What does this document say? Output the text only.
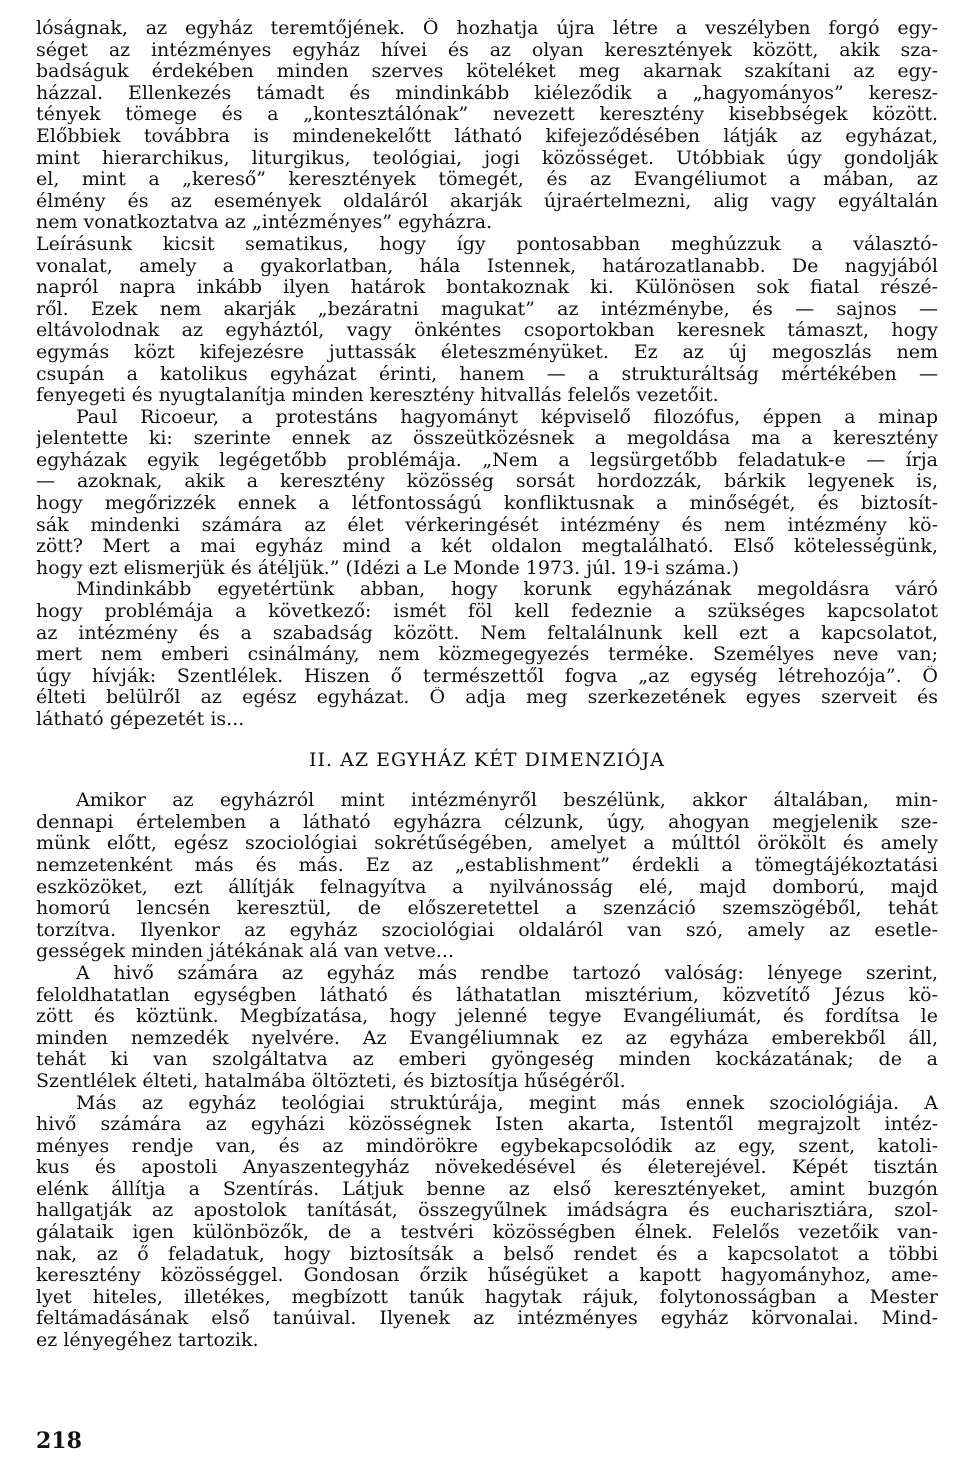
lóságnak, az egyház teremtőjének. Ő hozhatja újra létre a veszélyben forgó egy-
séget az intézményes egyház hívei és az olyan keresztények között, akik sza-
badságuk érdekében minden szerves köteléket meg akarnak szakítani az egy-
házzal. Ellenkezés támadt és mindinkább kiéleződik a „hagyományos” keresz-
tények tömege és a „kontesztálónak” nevezett keresztény kisebbségek között.
Előbbiek továbbra is mindenekelőtt látható kifejeződésében látják az egyházat,
mint hierarchikus, liturgikus, teológiai, jogi közösséget. Utóbbiak úgy gondolják
el, mint a „kereső” keresztények tömegét, és az Evangéliumot a mában, az
élmény és az események oldaláról akarják újraértelmezni, alig vagy egyáltalán
nem vonatkoztatva az „intézményes” egyházra.
Leírásunk kicsit sematikus, hogy így pontosabban meghúzzuk a választó-
vonalat, amely a gyakorlatban, hála Istennek, határozatlanabb. De nagyjából
napról napra inkább ilyen határok bontakoznak ki. Különösen sok fiatal részé-
ről. Ezek nem akarják „bezáratni magukat” az intézménybe, és — sajnos —
eltávolodnak az egyháztól, vagy önkéntes csoportokban keresnek támaszt, hogy
egymás közt kifejezésre juttassák életeszményüket. Ez az új megoszlás nem
csupán a katolikus egyházat érinti, hanem — a strukturáltság mértékében —
fenyegeti és nyugtalanítja minden keresztény hitvallás felelős vezetőit.
Paul Ricoeur, a protestáns hagyományt képviselő filozófus, éppen a minap
jelentette ki: szerinte ennek az összeütközésnek a megoldása ma a keresztény
egyházak egyik legégetőbb problémája. „Nem a legsürgetőbb feladatuk-e — írja
— azoknak, akik a keresztény közösség sorsát hordozzák, bárkik legyenek is,
hogy megőrizzék ennek a létfontosságú konfliktusnak a minőségét, és biztosít-
sák mindenki számára az élet vérkeringését intézmény és nem intézmény kö-
zött? Mert a mai egyház mind a két oldalon megtalálható. Első kötelességünk,
hogy ezt elismerjük és átéljük.” (Idézi a Le Monde 1973. júl. 19-i száma.)
Mindinkább egyetértünk abban, hogy korunk egyházának megoldásra váró
hogy problémája a következő: ismét föl kell fedeznie a szükséges kapcsolatot
az intézmény és a szabadság között. Nem feltalálnunk kell ezt a kapcsolatot,
mert nem emberi csinálmány, nem közmegegyezés terméke. Személyes neve van;
úgy hívják: Szentlélek. Hiszen ő természettől fogva „az egység létrehozója”. Ő
élteti belülről az egész egyházat. Ő adja meg szerkezetének egyes szerveit és
látható gépezetét is...
II. AZ EGYHÁZ KÉT DIMENZIÓJA
Amikor az egyházról mint intézményről beszélünk, akkor általában, min-
dennapi értelemben a látható egyházra célzunk, úgy, ahogyan megjelenik sze-
münk előtt, egész szociológiai sokrétűségében, amelyet a múlttól örökölt és amely
nemzetenként más és más. Ez az „establishment” érdekli a tömegtájékoztatási
eszközöket, ezt állítják felnagyítva a nyilvánosság elé, majd domború, majd
homorú lencsén keresztül, de előszeretettel a szenzáció szemszögéből, tehát
torzítva. Ilyenkor az egyház szociológiai oldaláról van szó, amely az esetle-
gességek minden játékának alá van vetve...
A hivő számára az egyház más rendbe tartozó valóság: lényege szerint,
feloldhatatlan egységben látható és láthatatlan misztérium, közvetítő Jézus kö-
zött és köztünk. Megbízatása, hogy jelenné tegye Evangéliumát, és fordítsa le
minden nemzedék nyelvére. Az Evangéliumnak ez az egyháza emberekből áll,
tehát ki van szolgáltatva az emberi gyöngeség minden kockázatának; de a
Szentlélek élteti, hatalmába öltözteti, és biztosítja hűségéről.
Más az egyház teológiai struktúrája, megint más ennek szociológiája. A
hivő számára az egyházi közösségnek Isten akarta, Istentől megrajzolt intéz-
ményes rendje van, és az mindörökre egybekapcsolódik az egy, szent, katoli-
kus és apostoli Anyaszentegyház növekedésével és életerejével. Képét tisztán
elénk állítja a Szentírás. Látjuk benne az első keresztényeket, amint buzgón
hallgatják az apostolok tanítását, összegyűlnek imádságra és eucharisztiára, szol-
gálataik igen különbözők, de a testvéri közösségben élnek. Felelős vezetőik van-
nak, az ő feladatuk, hogy biztosítsák a belső rendet és a kapcsolatot a többi
keresztény közösséggel. Gondosan őrzik hűségüket a kapott hagyományhoz, ame-
lyet hiteles, illetékes, megbízott tanúk hagytak rájuk, folytonosságban a Mester
feltámadásának első tanúival. Ilyenek az intézményes egyház körvonalai. Mind-
ez lényegéhez tartozik.
218
